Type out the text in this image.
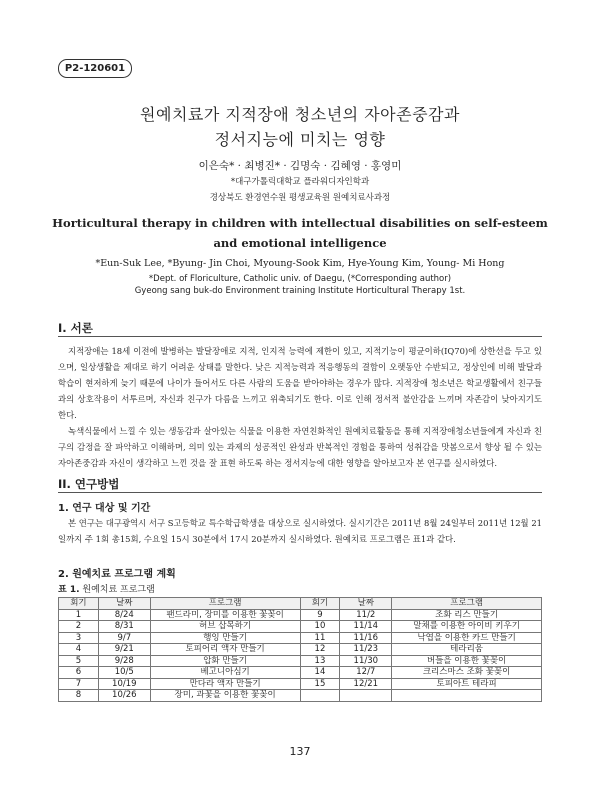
P2-120601
원예치료가 지적장애 청소년의 자아존중감과
정서지능에 미치는 영향
이은숙* · 최병진* · 김명숙 · 김혜영 · 홍영미
*대구가톨릭대학교 플라워디자인학과
경상북도 환경연수원 평생교육원 원예치료사과정
Horticultural therapy in children with intellectual disabilities on self-esteem
and emotional intelligence
*Eun-Suk Lee, *Byung- Jin Choi, Myoung-Sook Kim, Hye-Young Kim, Young- Mi Hong
*Dept. of Floriculture, Catholic univ. of Daegu, (*Corresponding author)
Gyeong sang buk-do Environment training Institute Horticultural Therapy 1st.
I. 서론

지적장애는 18세 이전에 발병하는 발달장애로 지적, 인지적 능력에 제한이 있고, 지적기능이 평균이하(IQ70)에 상한선을 두고 있으며, 일상생활을 제대로 하기 어려운 상태를 말한다. 낮은 지적능력과 적응행동의 결함이 오랫동안 수반되고, 정상인에 비해 발달과 학습이 현저하게 늦기 때문에 나이가 들어서도 다른 사람의 도움을 받아야하는 경우가 많다. 지적장애 청소년은 학교생활에서 친구들과의 상호작용이 서투르며, 자신과 친구가 다름을 느끼고 위축되기도 한다. 이로 인해 정서적 불안감을 느끼며 자존감이 낮아지기도 한다.

녹색식물에서 느낄 수 있는 생동감과 살아있는 식물을 이용한 자연친화적인 원예치료활동을 통해 지적장애청소년들에게 자신과 친구의 감정을 잘 파악하고 이해하며, 의미 있는 과제의 성공적인 완성과 반복적인 경험을 통하여 성취감을 맛봄으로서 향상 될 수 있는 자아존중감과 자신이 생각하고 느낀 것을 잘 표현 하도록 하는 정서지능에 대한 영향을 알아보고자 본 연구를 실시하였다.

II. 연구방법
1. 연구 대상 및 기간

본 연구는 대구광역시 서구 S고등학교 특수학급학생을 대상으로 실시하였다. 실시기간은 2011년 8월 24일부터 2011년 12월 21일까지 주 1회 총15회, 수요일 15시 30분에서 17시 20분까지 실시하였다. 원예치료 프로그램은 표1과 같다.

2. 원예치료 프로그램 계획
표 1. 원예치료 프로그램
회기	날짜	프로그램	회기	날짜	프로그램
1	8/24	팬드라미, 장미를 이용한 꽃꽂이	9	11/2	조화 리스 만들기
2	8/31	허브 삽목하기	10	11/14	말채를 이용한 아이비 키우기
3	9/7	행잉 만들기	11	11/16	낙엽을 이용한 카드 만들기
4	9/21	토피어리 액자 만들기	12	11/23	테라리움
5	9/28	압화 만들기	13	11/30	버들을 이용한 꽃꽂이
6	10/5	베고니아심기	14	12/7	크리스마스 조화 꽃꽂이
7	10/19	만다라 액자 만들기	15	12/21	토피아트 테라피
8	10/26	장미, 과꽃을 이용한 꽃꽂이			
137
